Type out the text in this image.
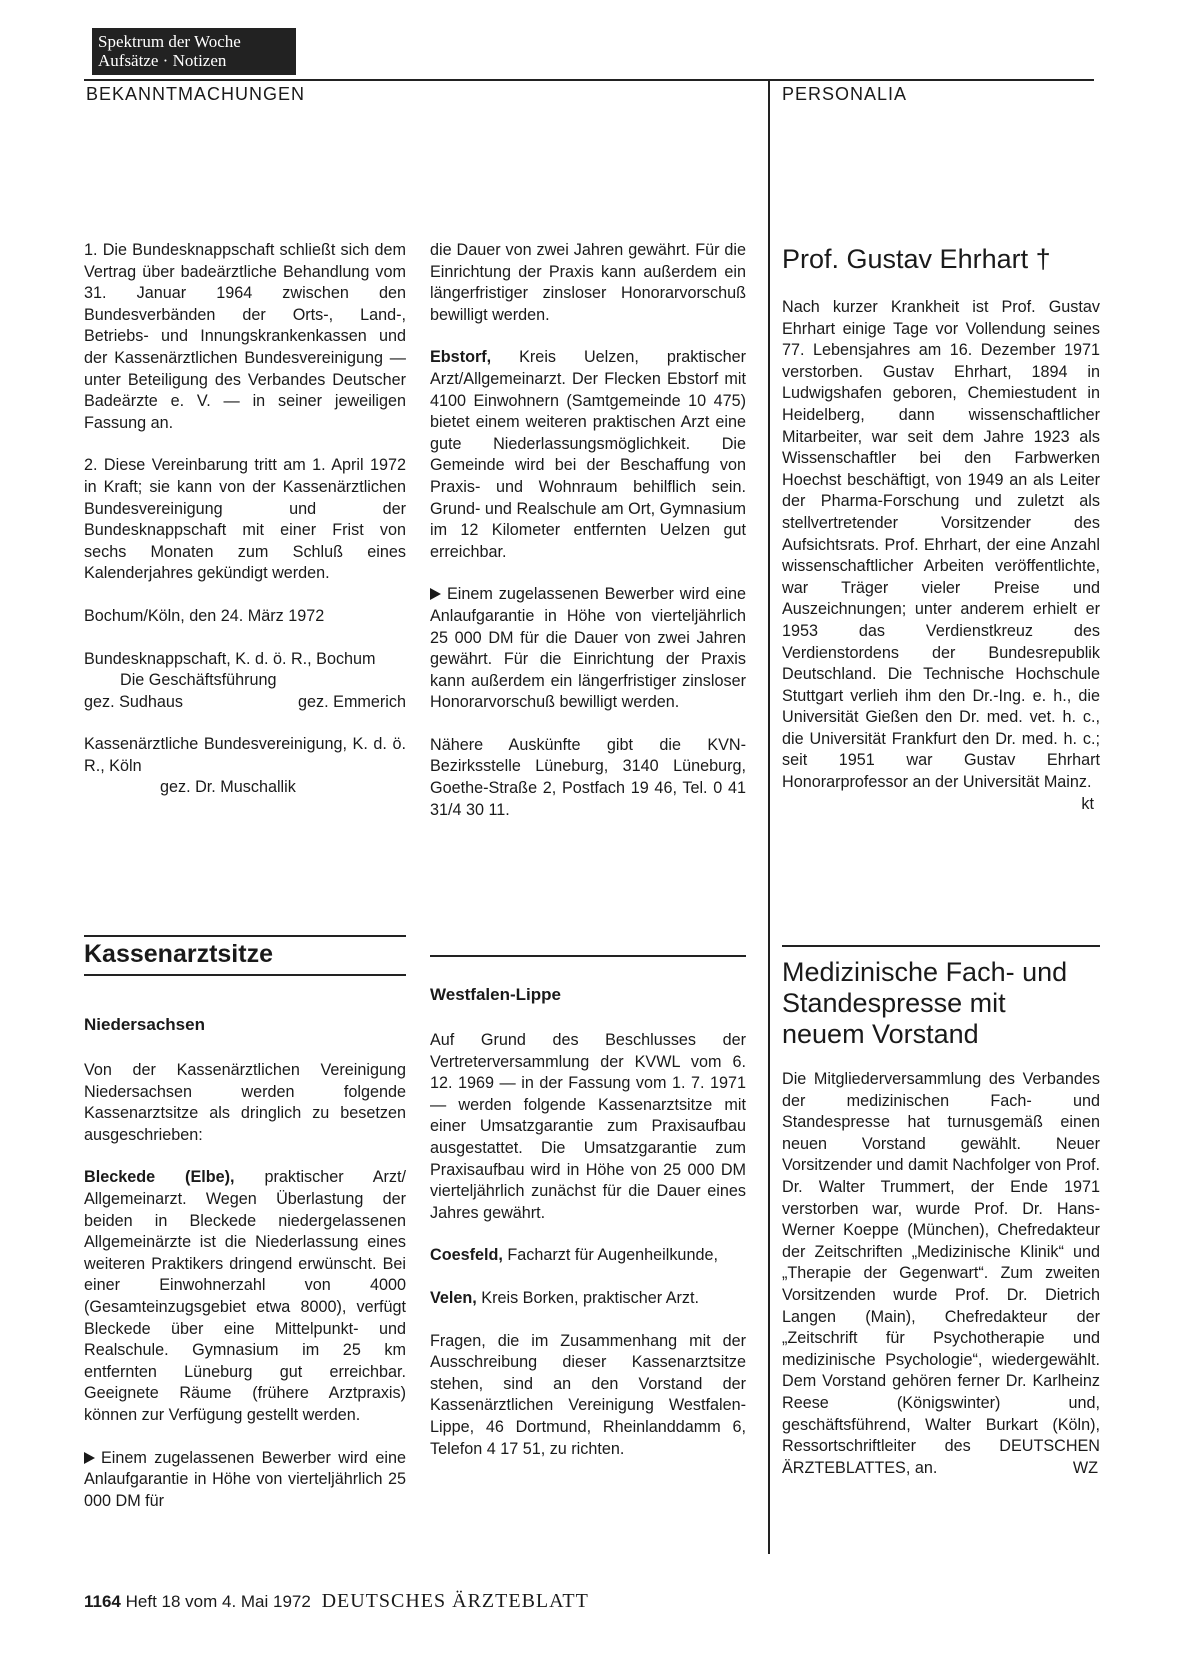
Spektrum der Woche
Aufsätze · Notizen
BEKANNTMACHUNGEN	PERSONALIA

1. Die Bundesknappschaft schließt sich dem Vertrag über badeärztliche Behandlung vom 31. Januar 1964 zwischen den Bundesverbänden der Orts-, Land-, Betriebs- und Innungskrankenkassen und der Kassenärztlichen Bundesvereinigung — unter Beteiligung des Verbandes Deutscher Badeärzte e. V. — in seiner jeweiligen Fassung an.

2. Diese Vereinbarung tritt am 1. April 1972 in Kraft; sie kann von der Kassenärztlichen Bundesvereinigung und der Bundesknappschaft mit einer Frist von sechs Monaten zum Schluß eines Kalenderjahres gekündigt werden.

Bochum/Köln, den 24. März 1972

Bundesknappschaft, K. d. ö. R., Bochum

Die Geschäftsführung

gez. Sudhaus	gez. Emmerich

Kassenärztliche Bundesvereinigung, K. d. ö. R., Köln

gez. Dr. Muschallik

Kassenarztsitze
Niedersachsen

Von der Kassenärztlichen Vereinigung Niedersachsen werden folgende Kassenarztsitze als dringlich zu besetzen ausgeschrieben:

Bleckede (Elbe), praktischer Arzt/ Allgemeinarzt. Wegen Überlastung der beiden in Bleckede niedergelassenen Allgemeinärzte ist die Niederlassung eines weiteren Praktikers dringend erwünscht. Bei einer Einwohnerzahl von 4000 (Gesamteinzugsgebiet etwa 8000), verfügt Bleckede über eine Mittelpunkt- und Realschule. Gymnasium im 25 km entfernten Lüneburg gut erreichbar. Geeignete Räume (frühere Arztpraxis) können zur Verfügung gestellt werden.

Einem zugelassenen Bewerber wird eine Anlaufgarantie in Höhe von vierteljährlich 25 000 DM für

die Dauer von zwei Jahren gewährt. Für die Einrichtung der Praxis kann außerdem ein längerfristiger zinsloser Honorarvorschuß bewilligt werden.

Ebstorf, Kreis Uelzen, praktischer Arzt/Allgemeinarzt. Der Flecken Ebstorf mit 4100 Einwohnern (Samtgemeinde 10 475) bietet einem weiteren praktischen Arzt eine gute Niederlassungsmöglichkeit. Die Gemeinde wird bei der Beschaffung von Praxis- und Wohnraum behilflich sein. Grund- und Realschule am Ort, Gymnasium im 12 Kilometer entfernten Uelzen gut erreichbar.

Einem zugelassenen Bewerber wird eine Anlaufgarantie in Höhe von vierteljährlich 25 000 DM für die Dauer von zwei Jahren gewährt. Für die Einrichtung der Praxis kann außerdem ein längerfristiger zinsloser Honorarvorschuß bewilligt werden.

Nähere Auskünfte gibt die KVN-Bezirksstelle Lüneburg, 3140 Lüneburg, Goethe-Straße 2, Postfach 19 46, Tel. 0 41 31/4 30 11.

Westfalen-Lippe

Auf Grund des Beschlusses der Vertreterversammlung der KVWL vom 6. 12. 1969 — in der Fassung vom 1. 7. 1971 — werden folgende Kassenarztsitze mit einer Umsatzgarantie zum Praxisaufbau ausgestattet. Die Umsatzgarantie zum Praxisaufbau wird in Höhe von 25 000 DM vierteljährlich zunächst für die Dauer eines Jahres gewährt.

Coesfeld, Facharzt für Augenheilkunde,

Velen, Kreis Borken, praktischer Arzt.

Fragen, die im Zusammenhang mit der Ausschreibung dieser Kassenarztsitze stehen, sind an den Vorstand der Kassenärztlichen Vereinigung Westfalen-Lippe, 46 Dortmund, Rheinlanddamm 6, Telefon 4 17 51, zu richten.

Prof. Gustav Ehrhart †

Nach kurzer Krankheit ist Prof. Gustav Ehrhart einige Tage vor Vollendung seines 77. Lebensjahres am 16. Dezember 1971 verstorben. Gustav Ehrhart, 1894 in Ludwigshafen geboren, Chemiestudent in Heidelberg, dann wissenschaftlicher Mitarbeiter, war seit dem Jahre 1923 als Wissenschaftler bei den Farbwerken Hoechst beschäftigt, von 1949 an als Leiter der Pharma-Forschung und zuletzt als stellvertretender Vorsitzender des Aufsichtsrats. Prof. Ehrhart, der eine Anzahl wissenschaftlicher Arbeiten veröffentlichte, war Träger vieler Preise und Auszeichnungen; unter anderem erhielt er 1953 das Verdienstkreuz des Verdienstordens der Bundesrepublik Deutschland. Die Technische Hochschule Stuttgart verlieh ihm den Dr.-Ing. e. h., die Universität Gießen den Dr. med. vet. h. c., die Universität Frankfurt den Dr. med. h. c.; seit 1951 war Gustav Ehrhart Honorarprofessor an der Universität Mainz.
kt

Medizinische Fach- und Standespresse mit neuem Vorstand

Die Mitgliederversammlung des Verbandes der medizinischen Fach- und Standespresse hat turnusgemäß einen neuen Vorstand gewählt. Neuer Vorsitzender und damit Nachfolger von Prof. Dr. Walter Trummert, der Ende 1971 verstorben war, wurde Prof. Dr. Hans-Werner Koeppe (München), Chefredakteur der Zeitschriften „Medizinische Klinik“ und „Therapie der Gegenwart“. Zum zweiten Vorsitzenden wurde Prof. Dr. Dietrich Langen (Main), Chefredakteur der „Zeitschrift für Psychotherapie und medizinische Psychologie“, wiedergewählt. Dem Vorstand gehören ferner Dr. Karlheinz Reese (Königswinter) und, geschäftsführend, Walter Burkart (Köln), Ressortschriftleiter des DEUTSCHEN ÄRZTEBLATTES, an.	WZ

1164 Heft 18 vom 4. Mai 1972 DEUTSCHES ÄRZTEBLATT
